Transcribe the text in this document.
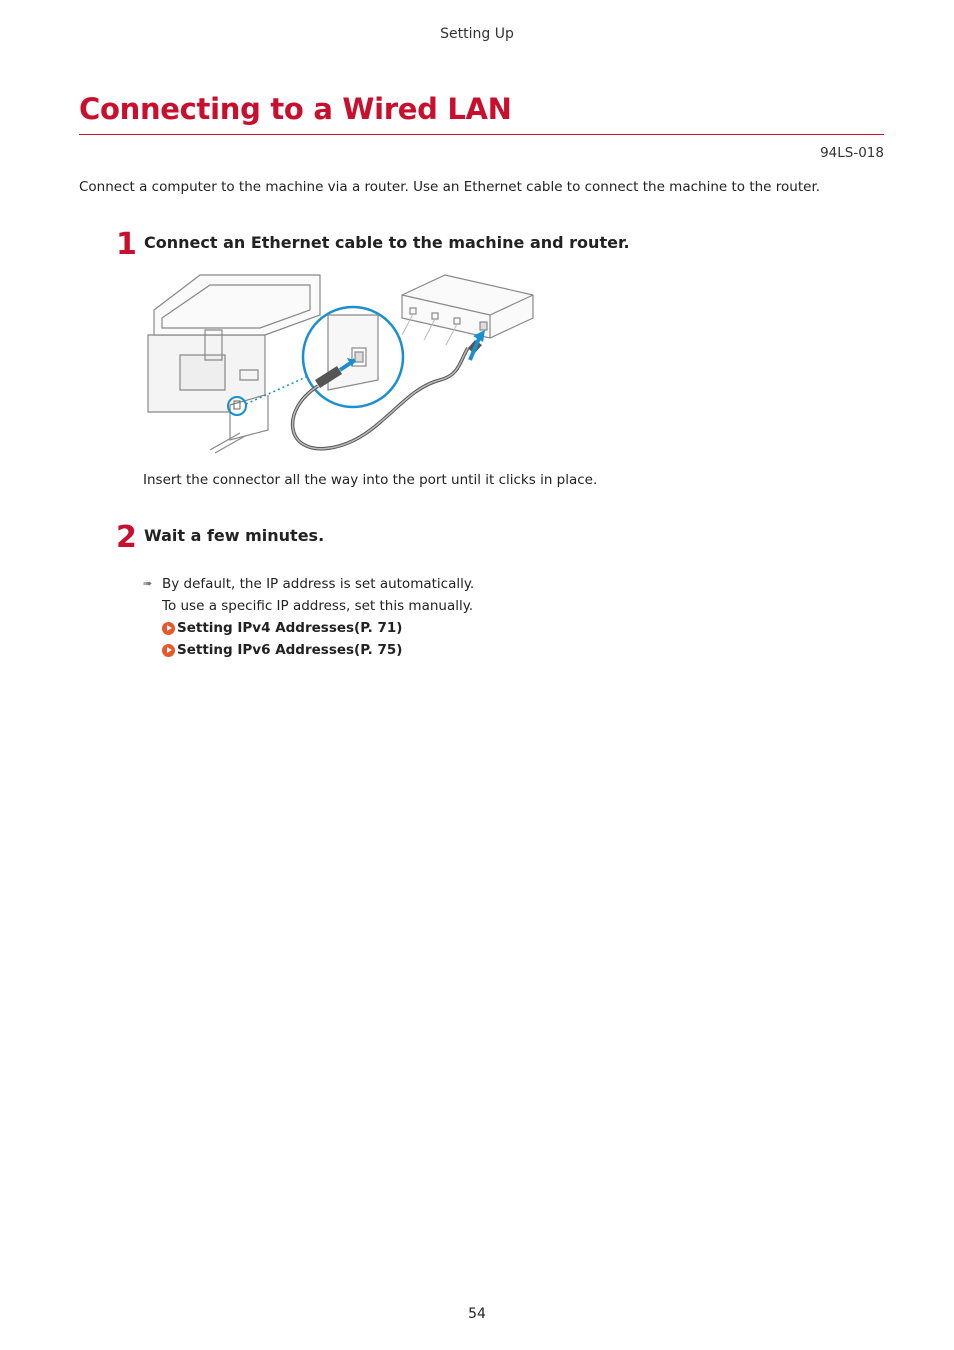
Setting Up
Connecting to a Wired LAN
94LS-018
Connect a computer to the machine via a router. Use an Ethernet cable to connect the machine to the router.
1 Connect an Ethernet cable to the machine and router.
Insert the connector all the way into the port until it clicks in place.
2 Wait a few minutes.
➠ By default, the IP address is set automatically.
To use a specific IP address, set this manually.
Setting IPv4 Addresses(P. 71)
Setting IPv6 Addresses(P. 75)
54
